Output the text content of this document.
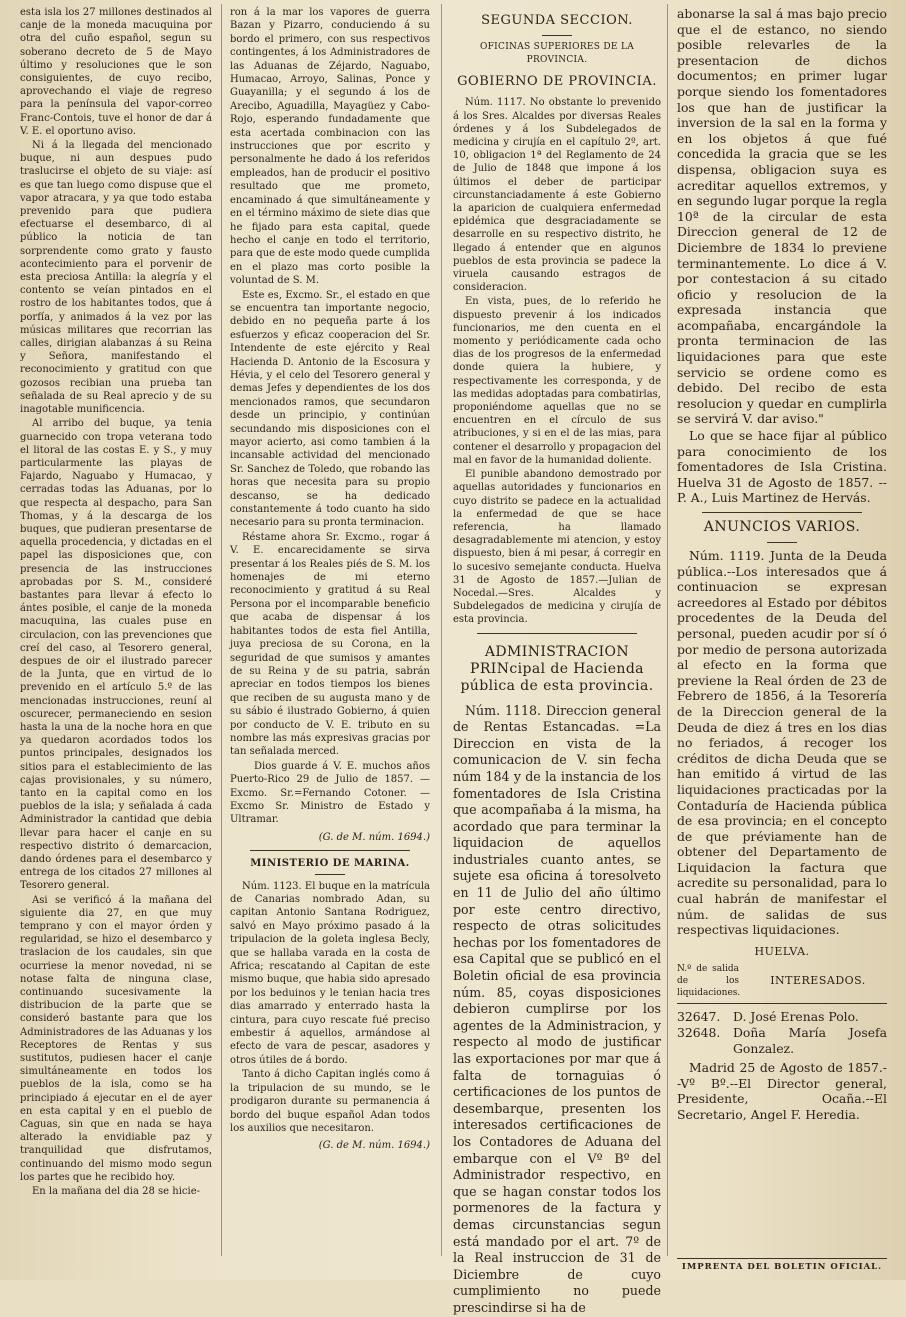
esta isla los 27 millones destinados al canje de la moneda macuquina por otra del cuño español, segun su soberano decreto de 5 de Mayo último y resoluciones que le son consiguientes, de cuyo recibo, aprovechando el viaje de regreso para la península del vapor-correo Franc-Contois, tuve el honor de dar á V. E. el oportuno aviso.

Ni á la llegada del mencionado buque, ni aun despues pudo traslucirse el objeto de su viaje: así es que tan luego como dispuse que el vapor atracara, y ya que todo estaba prevenido para que pudiera efectuarse el desembarco, di al público la noticia de tan sorprendente como grato y fausto acontecimiento para el porvenir de esta preciosa Antilla: la alegría y el contento se veían pintados en el rostro de los habitantes todos, que á porfía, y animados á la vez por las músicas militares que recorrian las calles, dirigian alabanzas á su Reina y Señora, manifestando el reconocimiento y gratitud con que gozosos recibian una prueba tan señalada de su Real aprecio y de su inagotable munificencia.

Al arribo del buque, ya tenia guarnecido con tropa veterana todo el litoral de las costas E. y S., y muy particularmente las playas de Fajardo, Naguabo y Humacao, y cerradas todas las Aduanas, por lo que respecta al despacho, para San Thomas, y á la descarga de los buques, que pudieran presentarse de aquella procedencia, y dictadas en el papel las disposiciones que, con presencia de las instrucciones aprobadas por S. M., consideré bastantes para llevar á efecto lo ántes posible, el canje de la moneda macuquina, las cuales puse en circulacion, con las prevenciones que creí del caso, al Tesorero general, despues de oir el ilustrado parecer de la Junta, que en virtud de lo prevenido en el artículo 5.º de las mencionadas instrucciones, reuní al oscurecer, permaneciendo en sesion hasta la una de la noche hora en que ya quedaron acordados todos los puntos principales, designados los sitios para el establecimiento de las cajas provisionales, y su número, tanto en la capital como en los pueblos de la isla; y señalada á cada Administrador la cantidad que debia llevar para hacer el canje en su respectivo distrito ó demarcacion, dando órdenes para el desembarco y entrega de los citados 27 millones al Tesorero general.

Asi se verificó á la mañana del siguiente dia 27, en que muy temprano y con el mayor órden y regularidad, se hizo el desembarco y traslacion de los caudales, sin que ocurriese la menor novedad, ni se notase falta de ninguna clase, continuando sucesivamente la distribucion de la parte que se consideró bastante para que los Administradores de las Aduanas y los Receptores de Rentas y sus sustitutos, pudiesen hacer el canje simultáneamente en todos los pueblos de la isla, como se ha principiado á ejecutar en el de ayer en esta capital y en el pueblo de Caguas, sin que en nada se haya alterado la envidiable paz y tranquilidad que disfrutamos, continuando del mismo modo segun los partes que he recibido hoy.

En la mañana del dia 28 se hicie-

ron á la mar los vapores de guerra Bazan y Pizarro, conduciendo á su bordo el primero, con sus respectivos contingentes, á los Administradores de las Aduanas de Zéjardo, Naguabo, Humacao, Arroyo, Salinas, Ponce y Guayanilla; y el segundo á los de Arecibo, Aguadilla, Mayagüez y Cabo-Rojo, esperando fundadamente que esta acertada combinacion con las instrucciones que por escrito y personalmente he dado á los referidos empleados, han de producir el positivo resultado que me prometo, encaminado á que simultáneamente y en el término máximo de siete dias que he fijado para esta capital, quede hecho el canje en todo el territorio, para que de este modo quede cumplida en el plazo mas corto posible la voluntad de S. M.

Este es, Excmo. Sr., el estado en que se encuentra tan importante negocio, debido en no pequeña parte á los esfuerzos y eficaz cooperacion del Sr. Intendente de este ejército y Real Hacienda D. Antonio de la Escosura y Hévia, y el celo del Tesorero general y demas Jefes y dependientes de los dos mencionados ramos, que secundaron desde un principio, y continúan secundando mis disposiciones con el mayor acierto, asi como tambien á la incansable actividad del mencionado Sr. Sanchez de Toledo, que robando las horas que necesita para su propio descanso, se ha dedicado constantemente á todo cuanto ha sido necesario para su pronta terminacion.

Réstame ahora Sr. Excmo., rogar á V. E. encarecidamente se sirva presentar á los Reales piés de S. M. los homenajes de mi eterno reconocimiento y gratitud á su Real Persona por el incomparable beneficio que acaba de dispensar á los habitantes todos de esta fiel Antilla, juya preciosa de su Corona, en la seguridad de que sumisos y amantes de su Reina y de su patria, sabrán apreciar en todos tiempos los bienes que reciben de su augusta mano y de su sábio é ilustrado Gobierno, á quien por conducto de V. E. tributo en su nombre las más expresivas gracias por tan señalada merced.

Dios guarde á V. E. muchos años Puerto-Rico 29 de Julio de 1857. —Excmo. Sr.=Fernando Cotoner. —Excmo Sr. Ministro de Estado y Ultramar.

(G. de M. núm. 1694.)

MINISTERIO DE MARINA.

Núm. 1123. El buque en la matrícula de Canarias nombrado Adan, su capitan Antonio Santana Rodriguez, salvó en Mayo próximo pasado á la tripulacion de la goleta inglesa Becly, que se hallaba varada en la costa de Africa; rescatando al Capitan de este mismo buque, que habia sido apresado por los beduinos y le tenian hacia tres dias amarrado y enterrado hasta la cintura, para cuyo rescate fué preciso embestir á aquellos, armándose al efecto de vara de pescar, asadores y otros útiles de á bordo.

Tanto á dicho Capitan inglés como á la tripulacion de su mundo, se le prodigaron durante su permanencia á bordo del buque español Adan todos los auxilios que necesitaron.

(G. de M. núm. 1694.)

SEGUNDA SECCION.
OFICINAS SUPERIORES DE LA PROVINCIA.
GOBIERNO DE PROVINCIA.

Núm. 1117. No obstante lo prevenido á los Sres. Alcaldes por diversas Reales órdenes y á los Subdelegados de medicina y cirujía en el capítulo 2º, art. 10, obligacion 1ª del Reglamento de 24 de Julio de 1848 que impone á los últimos el deber de participar circunstanciadamente á este Gobierno la aparicion de cualquiera enfermedad epidémica que desgraciadamente se desarrolle en su respectivo distrito, he llegado á entender que en algunos pueblos de esta provincia se padece la viruela causando estragos de consideracion.

En vista, pues, de lo referido he dispuesto prevenir á los indicados funcionarios, me den cuenta en el momento y periódicamente cada ocho dias de los progresos de la enfermedad donde quiera la hubiere, y respectivamente les corresponda, y de las medidas adoptadas para combatirlas, proponiéndome aquellas que no se encuentren en el círculo de sus atribuciones, y si en el de las mias, para contener el desarrollo y propagacion del mal en favor de la humanidad doliente.

El punible abandono demostrado por aquellas autoridades y funcionarios en cuyo distrito se padece en la actualidad la enfermedad de que se hace referencia, ha llamado desagradablemente mi atencion, y estoy dispuesto, bien á mi pesar, á corregir en lo sucesivo semejante conducta. Huelva 31 de Agosto de 1857.—Julian de Nocedal.—Sres. Alcaldes y Subdelegados de medicina y cirujía de esta provincia.

ADMINISTRACION PRINcipal de Hacienda pública de esta provincia.

Núm. 1118. Direccion general de Rentas Estancadas. =La Direccion en vista de la comunicacion de V. sin fecha núm 184 y de la instancia de los fomentadores de Isla Cristina que acompañaba á la misma, ha acordado que para terminar la liquidacion de aquellos industriales cuanto antes, se sujete esa oficina á toresolveto en 11 de Julio del año último por este centro directivo, respecto de otras solicitudes hechas por los fomentadores de esa Capital que se publicó en el Boletin oficial de esa provincia núm. 85, coyas disposiciones debieron cumplirse por los agentes de la Administracion, y respecto al modo de justificar las exportaciones por mar que á falta de tornaguias ó certificaciones de los puntos de desembarque, presenten los interesados certificaciones de los Contadores de Aduana del embarque con el Vº Bº del Administrador respectivo, en que se hagan constar todos los pormenores de la factura y demas circunstancias segun está mandado por el art. 7º de la Real instruccion de 31 de Diciembre de cuyo cumplimiento no puede prescindirse si ha de

abonarse la sal á mas bajo precio que el de estanco, no siendo posible relevarles de la presentacion de dichos documentos; en primer lugar porque siendo los fomentadores los que han de justificar la inversion de la sal en la forma y en los objetos á que fué concedida la gracia que se les dispensa, obligacion suya es acreditar aquellos extremos, y en segundo lugar porque la regla 10ª de la circular de esta Direccion general de 12 de Diciembre de 1834 lo previene terminantemente. Lo dice á V. por contestacion á su citado oficio y resolucion de la expresada instancia que acompañaba, encargándole la pronta terminacion de las liquidaciones para que este servicio se ordene como es debido. Del recibo de esta resolucion y quedar en cumplirla se servirá V. dar aviso."

Lo que se hace fijar al público para conocimiento de los fomentadores de Isla Cristina. Huelva 31 de Agosto de 1857. --P. A., Luis Martinez de Hervás.

ANUNCIOS VARIOS.

Núm. 1119. Junta de la Deuda pública.--Los interesados que á continuacion se expresan acreedores al Estado por débitos procedentes de la Deuda del personal, pueden acudir por sí ó por medio de persona autorizada al efecto en la forma que previene la Real órden de 23 de Febrero de 1856, á la Tesorería de la Direccion general de la Deuda de diez á tres en los dias no feriados, á recoger los créditos de dicha Deuda que se han emitido á virtud de las liquidaciones practicadas por la Contaduría de Hacienda pública de esa provincia; en el concepto de que préviamente han de obtener del Departamento de Liquidacion la factura que acredite su personalidad, para lo cual habrán de manifestar el núm. de salidas de sus respectivas liquidaciones.

HUELVA.
N.º de salida de los liquidaciones.
INTERESADOS.
32647. D. José Erenas Polo.
32648. Doña María Josefa Gonzalez.

Madrid 25 de Agosto de 1857.--Vº Bº.--El Director general, Presidente, Ocaña.--El Secretario, Angel F. Heredia.

IMPRENTA DEL BOLETIN OFICIAL.
